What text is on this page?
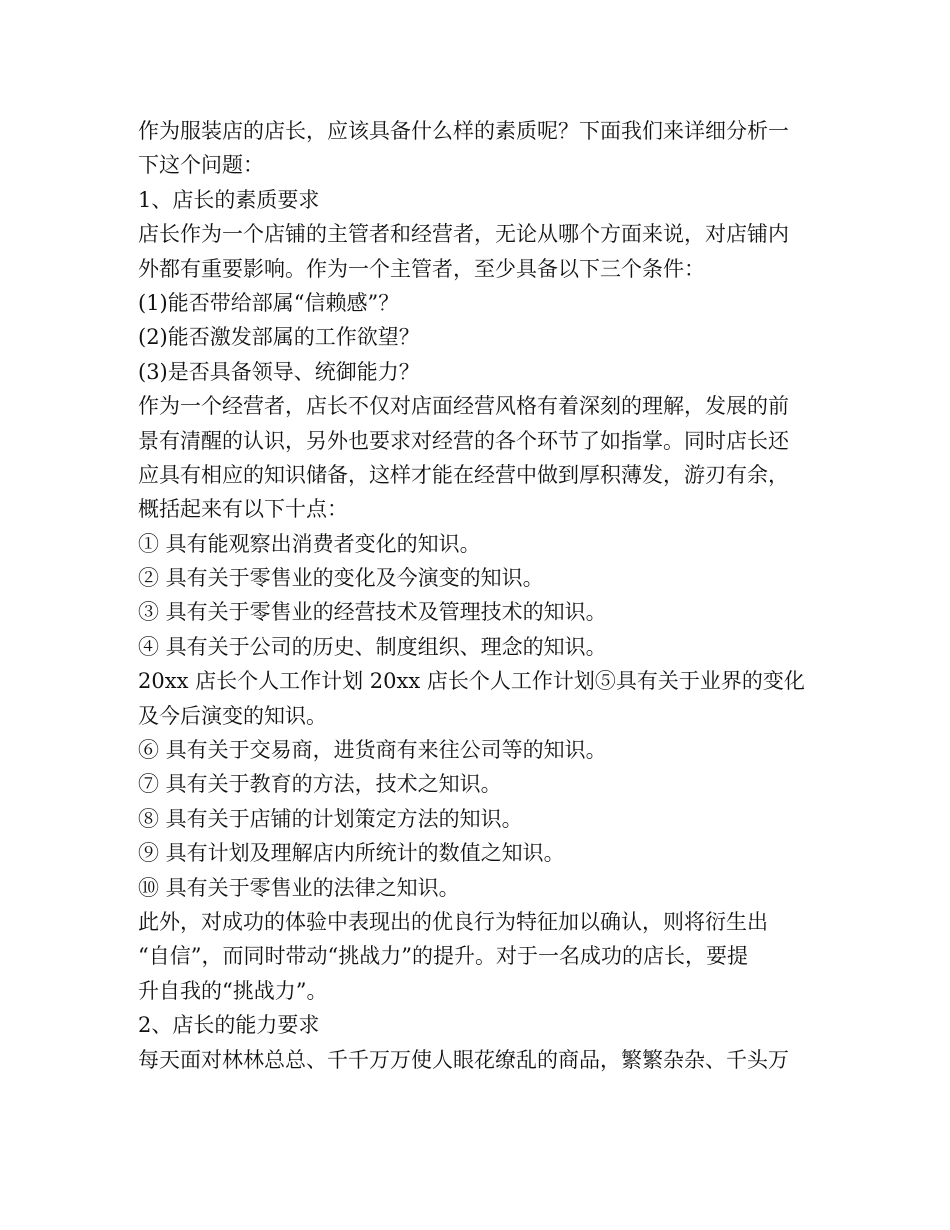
作为服装店的店长，应该具备什么样的素质呢？下面我们来详细分析一
下这个问题：
1、店长的素质要求
店长作为一个店铺的主管者和经营者，无论从哪个方面来说，对店铺内
外都有重要影响。作为一个主管者，至少具备以下三个条件：
(1)能否带给部属“信赖感”？
(2)能否激发部属的工作欲望？
(3)是否具备领导、统御能力？
作为一个经营者，店长不仅对店面经营风格有着深刻的理解，发展的前
景有清醒的认识，另外也要求对经营的各个环节了如指掌。同时店长还
应具有相应的知识储备，这样才能在经营中做到厚积薄发，游刃有余，
概括起来有以下十点：
① 具有能观察出消费者变化的知识。
② 具有关于零售业的变化及今演变的知识。
③ 具有关于零售业的经营技术及管理技术的知识。
④ 具有关于公司的历史、制度组织、理念的知识。
20xx 店长个人工作计划 20xx 店长个人工作计划⑤具有关于业界的变化
及今后演变的知识。
⑥ 具有关于交易商，进货商有来往公司等的知识。
⑦ 具有关于教育的方法，技术之知识。
⑧ 具有关于店铺的计划策定方法的知识。
⑨ 具有计划及理解店内所统计的数值之知识。
⑩ 具有关于零售业的法律之知识。
此外，对成功的体验中表现出的优良行为特征加以确认，则将衍生出
“自信”，而同时带动“挑战力”的提升。对于一名成功的店长，要提
升自我的“挑战力”。
2、店长的能力要求
每天面对林林总总、千千万万使人眼花缭乱的商品，繁繁杂杂、千头万
